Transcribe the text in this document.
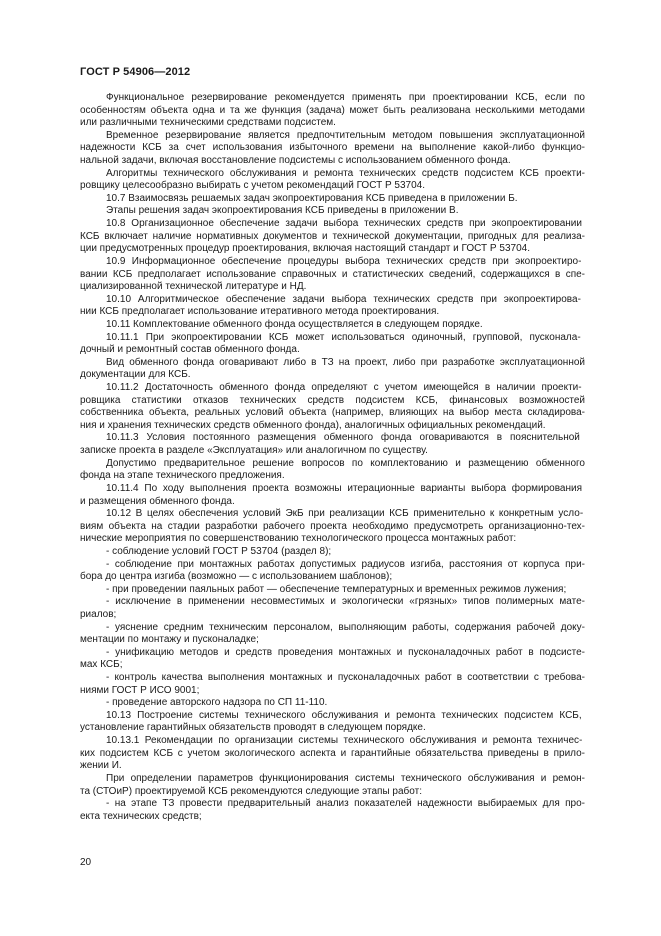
ГОСТ Р 54906—2012
Функциональное резервирование рекомендуется применять при проектировании КСБ, если по
особенностям объекта одна и та же функция (задача) может быть реализована несколькими методами
или различными техническими средствами подсистем.
Временное резервирование является предпочтительным методом повышения эксплуатационной
надежности КСБ за счет использования избыточного времени на выполнение какой-либо функцио-
нальной задачи, включая восстановление подсистемы с использованием обменного фонда.
Алгоритмы технического обслуживания и ремонта технических средств подсистем КСБ проекти-
ровщику целесообразно выбирать с учетом рекомендаций ГОСТ Р 53704.
10.7 Взаимосвязь решаемых задач экопроектирования КСБ приведена в приложении Б.
Этапы решения задач экопроектирования КСБ приведены в приложении В.
10.8 Организационное обеспечение задачи выбора технических средств при экопроектировании
КСБ включает наличие нормативных документов и технической документации, пригодных для реализа-
ции предусмотренных процедур проектирования, включая настоящий стандарт и ГОСТ Р 53704.
10.9 Информационное обеспечение процедуры выбора технических средств при экопроектиро-
вании КСБ предполагает использование справочных и статистических сведений, содержащихся в спе-
циализированной технической литературе и НД.
10.10 Алгоритмическое обеспечение задачи выбора технических средств при экопроектирова-
нии КСБ предполагает использование итеративного метода проектирования.
10.11 Комплектование обменного фонда осуществляется в следующем порядке.
10.11.1 При экопроектировании КСБ может использоваться одиночный, групповой, пусконала-
дочный и ремонтный состав обменного фонда.
Вид обменного фонда оговаривают либо в ТЗ на проект, либо при разработке эксплуатационной
документации для КСБ.
10.11.2 Достаточность обменного фонда определяют с учетом имеющейся в наличии проекти-
ровщика статистики отказов технических средств подсистем КСБ, финансовых возможностей
собственника объекта, реальных условий объекта (например, влияющих на выбор места складирова-
ния и хранения технических средств обменного фонда), аналогичных официальных рекомендаций.
10.11.3 Условия постоянного размещения обменного фонда оговариваются в пояснительной
записке проекта в разделе «Эксплуатация» или аналогичном по существу.
Допустимо предварительное решение вопросов по комплектованию и размещению обменного
фонда на этапе технического предложения.
10.11.4 По ходу выполнения проекта возможны итерационные варианты выбора формирования
и размещения обменного фонда.
10.12 В целях обеспечения условий ЭкБ при реализации КСБ применительно к конкретным усло-
виям объекта на стадии разработки рабочего проекта необходимо предусмотреть организационно-тех-
нические мероприятия по совершенствованию технологического процесса монтажных работ:
- соблюдение условий ГОСТ Р 53704 (раздел 8);
- соблюдение при монтажных работах допустимых радиусов изгиба, расстояния от корпуса при-
бора до центра изгиба (возможно — с использованием шаблонов);
- при проведении паяльных работ — обеспечение температурных и временных режимов лужения;
- исключение в применении несовместимых и экологически «грязных» типов полимерных мате-
риалов;
- уяснение средним техническим персоналом, выполняющим работы, содержания рабочей доку-
ментации по монтажу и пусконаладке;
- унификацию методов и средств проведения монтажных и пусконаладочных работ в подсисте-
мах КСБ;
- контроль качества выполнения монтажных и пусконаладочных работ в соответствии с требова-
ниями ГОСТ Р ИСО 9001;
- проведение авторского надзора по СП 11-110.
10.13 Построение системы технического обслуживания и ремонта технических подсистем КСБ,
установление гарантийных обязательств проводят в следующем порядке.
10.13.1 Рекомендации по организации системы технического обслуживания и ремонта техничес-
ких подсистем КСБ с учетом экологического аспекта и гарантийные обязательства приведены в прило-
жении И.
При определении параметров функционирования системы технического обслуживания и ремон-
та (СТОиР) проектируемой КСБ рекомендуются следующие этапы работ:
- на этапе ТЗ провести предварительный анализ показателей надежности выбираемых для про-
екта технических средств;
20
